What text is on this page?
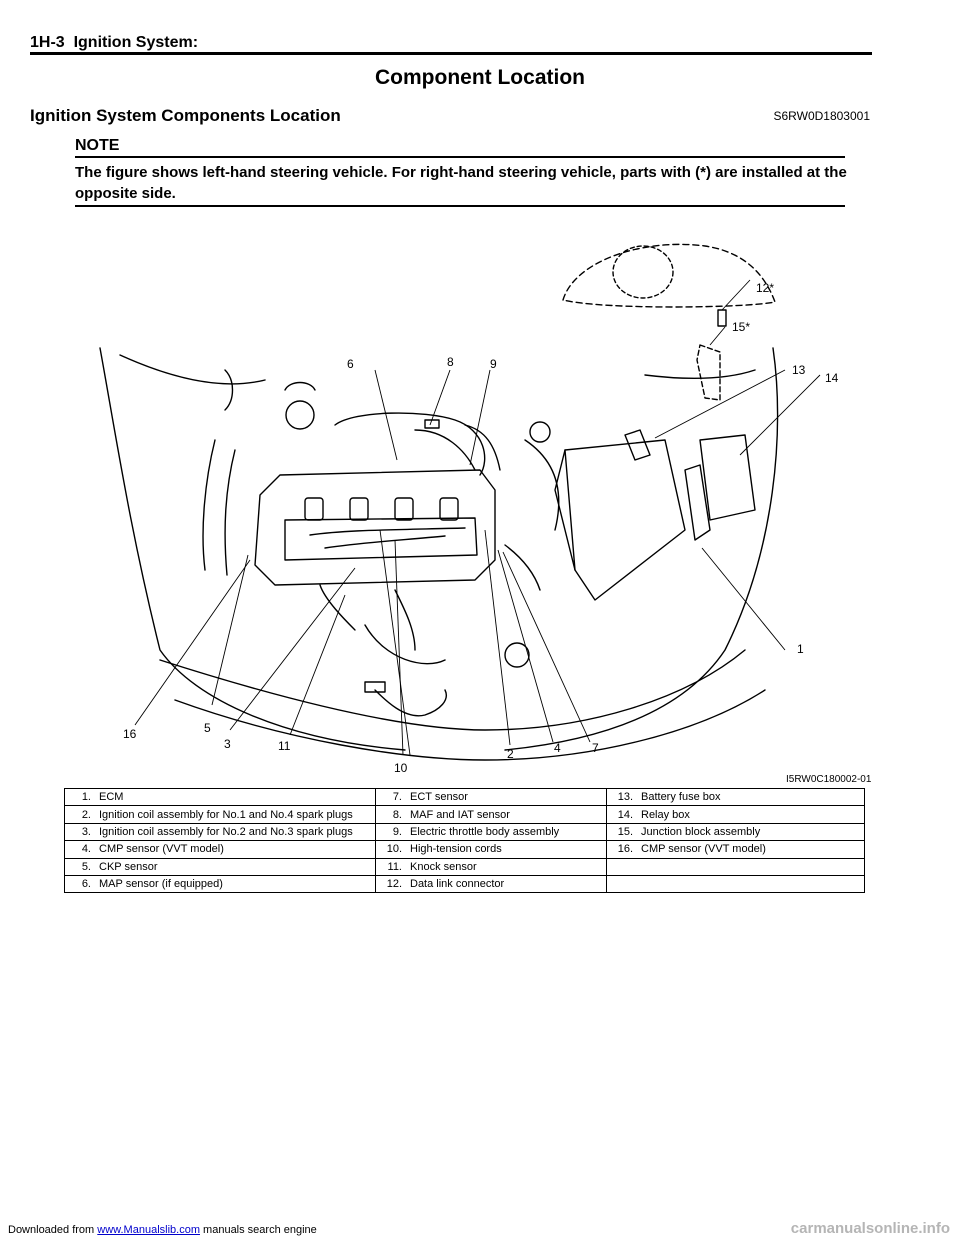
1H-3 Ignition System:
Component Location
Ignition System Components Location	S6RW0D1803001
NOTE
The figure shows left-hand steering vehicle. For right-hand steering vehicle, parts with (*) are installed at the opposite side.
1
2
3	4
5
6
7
8	9
10
11
12*
13
14
15*
16
I5RW0C180002-01
1. ECM	7. ECT sensor	13. Battery fuse box
2. Ignition coil assembly for No.1 and No.4 spark plugs	8. MAF and IAT sensor	14. Relay box
3. Ignition coil assembly for No.2 and No.3 spark plugs	9. Electric throttle body assembly	15. Junction block assembly
4. CMP sensor (VVT model)	10. High-tension cords	16. CMP sensor (VVT model)
5. CKP sensor	11. Knock sensor	
6. MAP sensor (if equipped)	12. Data link connector	
Downloaded from www.Manualslib.com manuals search engine	carmanualsonline.info
